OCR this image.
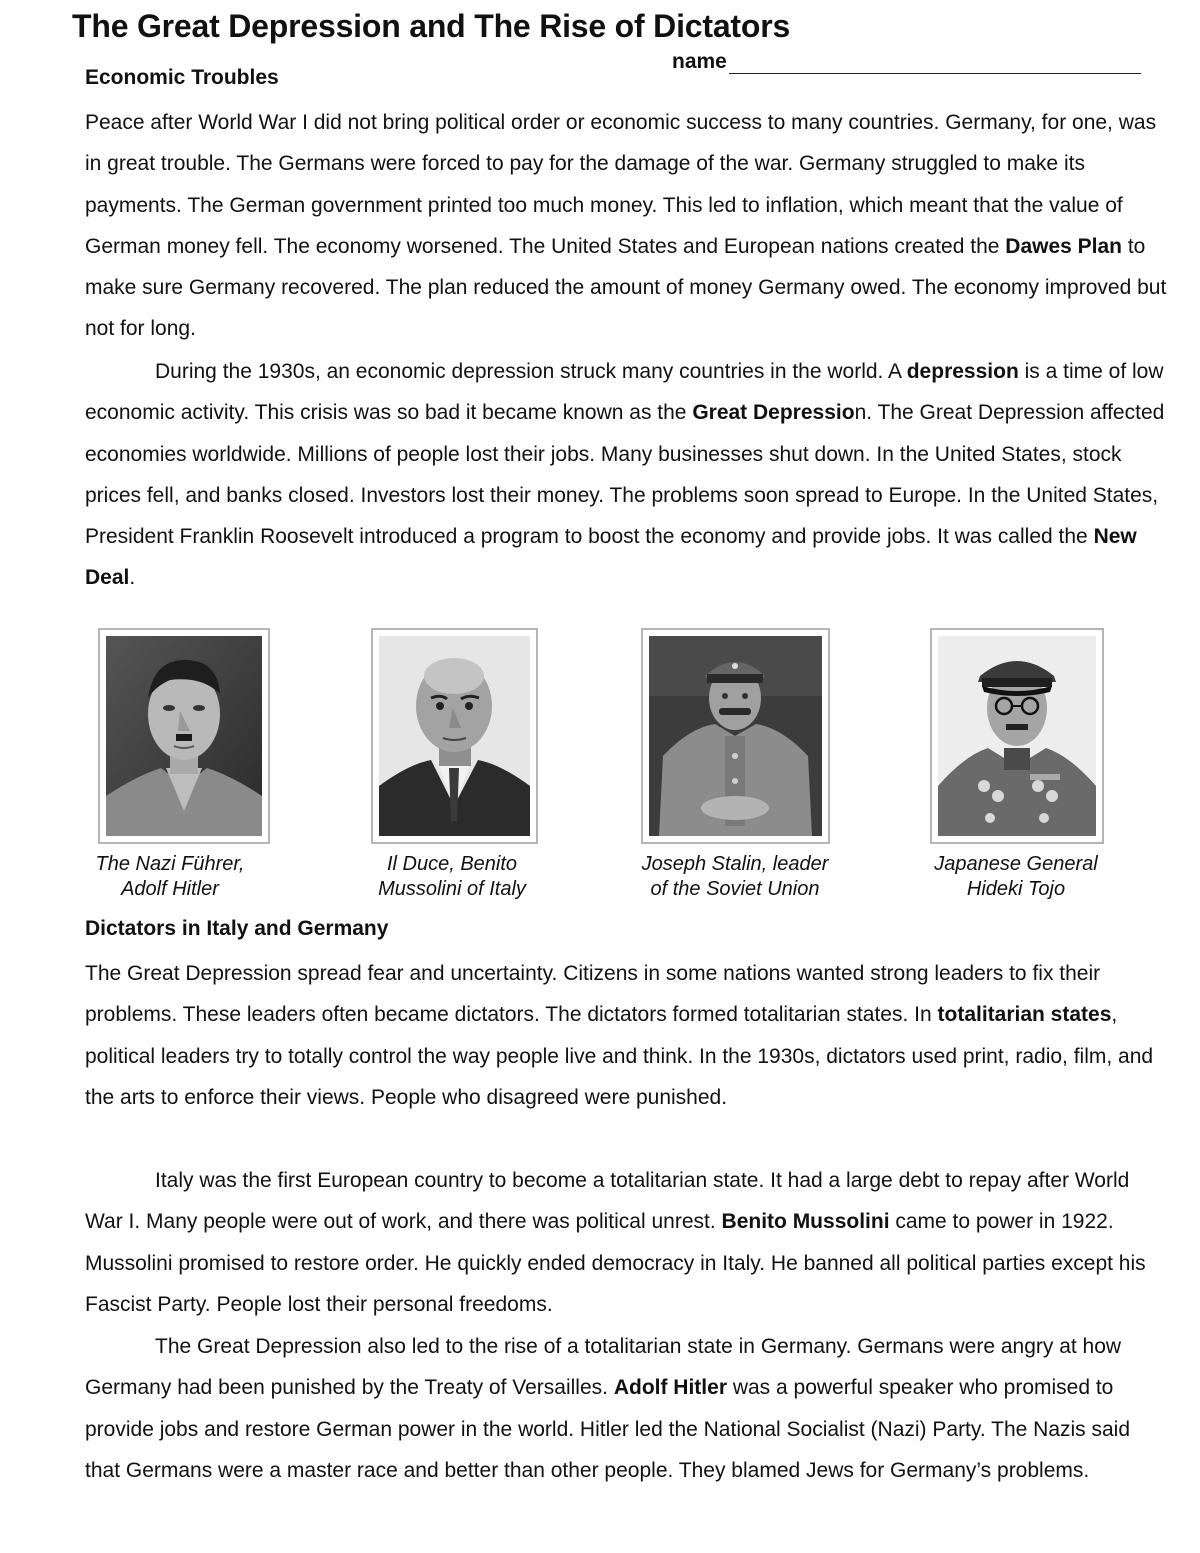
The Great Depression and The Rise of Dictators
name
Economic Troubles

Peace after World War I did not bring political order or economic success to many countries. Germany, for one, was in great trouble. The Germans were forced to pay for the damage of the war. Germany struggled to make its payments. The German government printed too much money. This led to inflation, which meant that the value of German money fell. The economy worsened. The United States and European nations created the Dawes Plan to make sure Germany recovered. The plan reduced the amount of money Germany owed. The economy improved but not for long.

During the 1930s, an economic depression struck many countries in the world. A depression is a time of low economic activity. This crisis was so bad it became known as the Great Depression. The Great Depression affected economies worldwide. Millions of people lost their jobs. Many businesses shut down. In the United States, stock prices fell, and banks closed. Investors lost their money. The problems soon spread to Europe. In the United States, President Franklin Roosevelt introduced a program to boost the economy and provide jobs. It was called the New Deal.

The Nazi Führer,
Adolf Hitler
Il Duce, Benito
Mussolini of Italy
Joseph Stalin, leader
of the Soviet Union
Japanese General
Hideki Tojo
Dictators in Italy and Germany

The Great Depression spread fear and uncertainty. Citizens in some nations wanted strong leaders to fix their problems. These leaders often became dictators. The dictators formed totalitarian states. In totalitarian states, political leaders try to totally control the way people live and think. In the 1930s, dictators used print, radio, film, and the arts to enforce their views. People who disagreed were punished.

Italy was the first European country to become a totalitarian state. It had a large debt to repay after World War I. Many people were out of work, and there was political unrest. Benito Mussolini came to power in 1922. Mussolini promised to restore order. He quickly ended democracy in Italy. He banned all political parties except his Fascist Party. People lost their personal freedoms.

The Great Depression also led to the rise of a totalitarian state in Germany. Germans were angry at how Germany had been punished by the Treaty of Versailles. Adolf Hitler was a powerful speaker who promised to provide jobs and restore German power in the world. Hitler led the National Socialist (Nazi) Party. The Nazis said that Germans were a master race and better than other people. They blamed Jews for Germany’s problems.
